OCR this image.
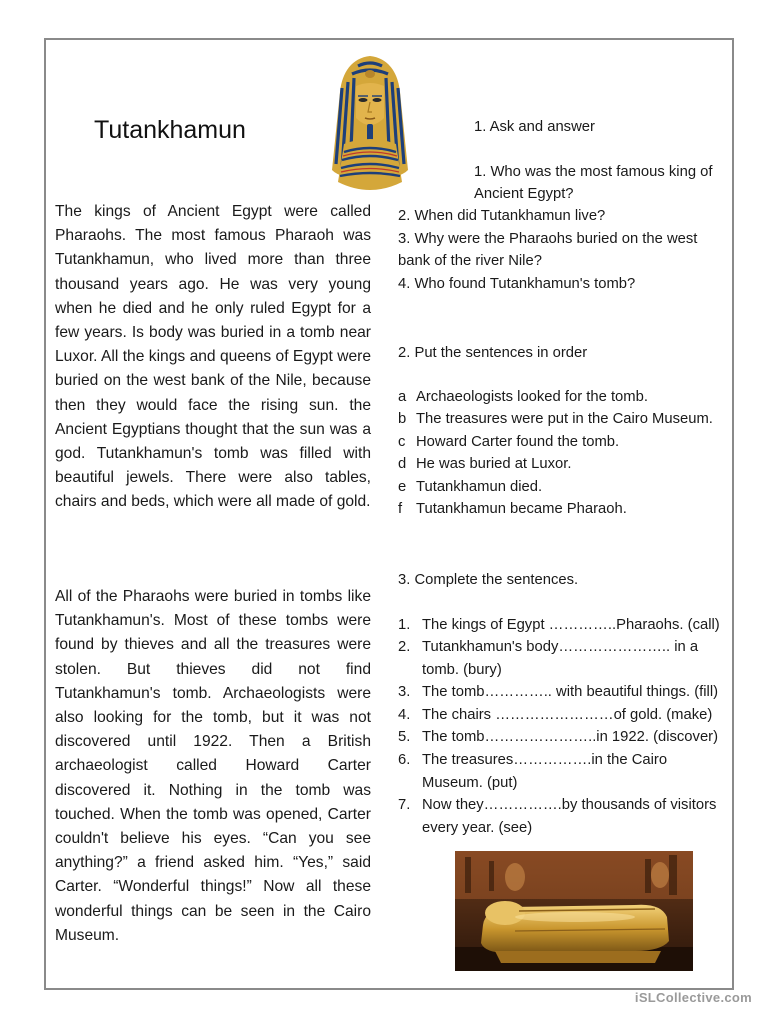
Tutankhamun

The kings of Ancient Egypt were called Pharaohs. The most famous Pharaoh was Tutankhamun, who lived more than three thousand years ago. He was very young when he died and he only ruled Egypt for a few years. Is body was buried in a tomb near Luxor. All the kings and queens of Egypt were buried on the west bank of the Nile, because then they would face the rising sun. the Ancient Egyptians thought that the sun was a god. Tutankhamun's tomb was filled with beautiful jewels. There were also tables, chairs and beds, which were all made of gold.

All of the Pharaohs were buried in tombs like Tutankhamun's. Most of these tombs were found by thieves and all the treasures were stolen. But thieves did not find Tutankhamun's tomb. Archaeologists were also looking for the tomb, but it was not discovered until 1922. Then a British archaeologist called Howard Carter discovered it. Nothing in the tomb was touched. When the tomb was opened, Carter couldn't believe his eyes. “Can you see anything?” a friend asked him. “Yes,” said Carter. “Wonderful things!” Now all these wonderful things can be seen in the Cairo Museum.

1. Ask and answer
1. Who was the most famous king of
Ancient Egypt?
2. When did Tutankhamun live?
3. Why were the Pharaohs buried on the west
bank of the river Nile?
4. Who found Tutankhamun's tomb?
2. Put the sentences in order
a Archaeologists looked for the tomb.
b The treasures were put in the Cairo Museum.
c Howard Carter found the tomb.
d He was buried at Luxor.
e Tutankhamun died.
f Tutankhamun became Pharaoh.
3. Complete the sentences.
1. The kings of Egypt …………..Pharaohs. (call)
2. Tutankhamun's body………………….. in a tomb. (bury)
3. The tomb………….. with beautiful things. (fill)
4. The chairs ……………………of gold. (make)
5. The tomb…………………..in 1922. (discover)
6. The treasures…………….in the Cairo Museum. (put)
7. Now they…………….by thousands of visitors every year. (see)
iSLCollective.com
